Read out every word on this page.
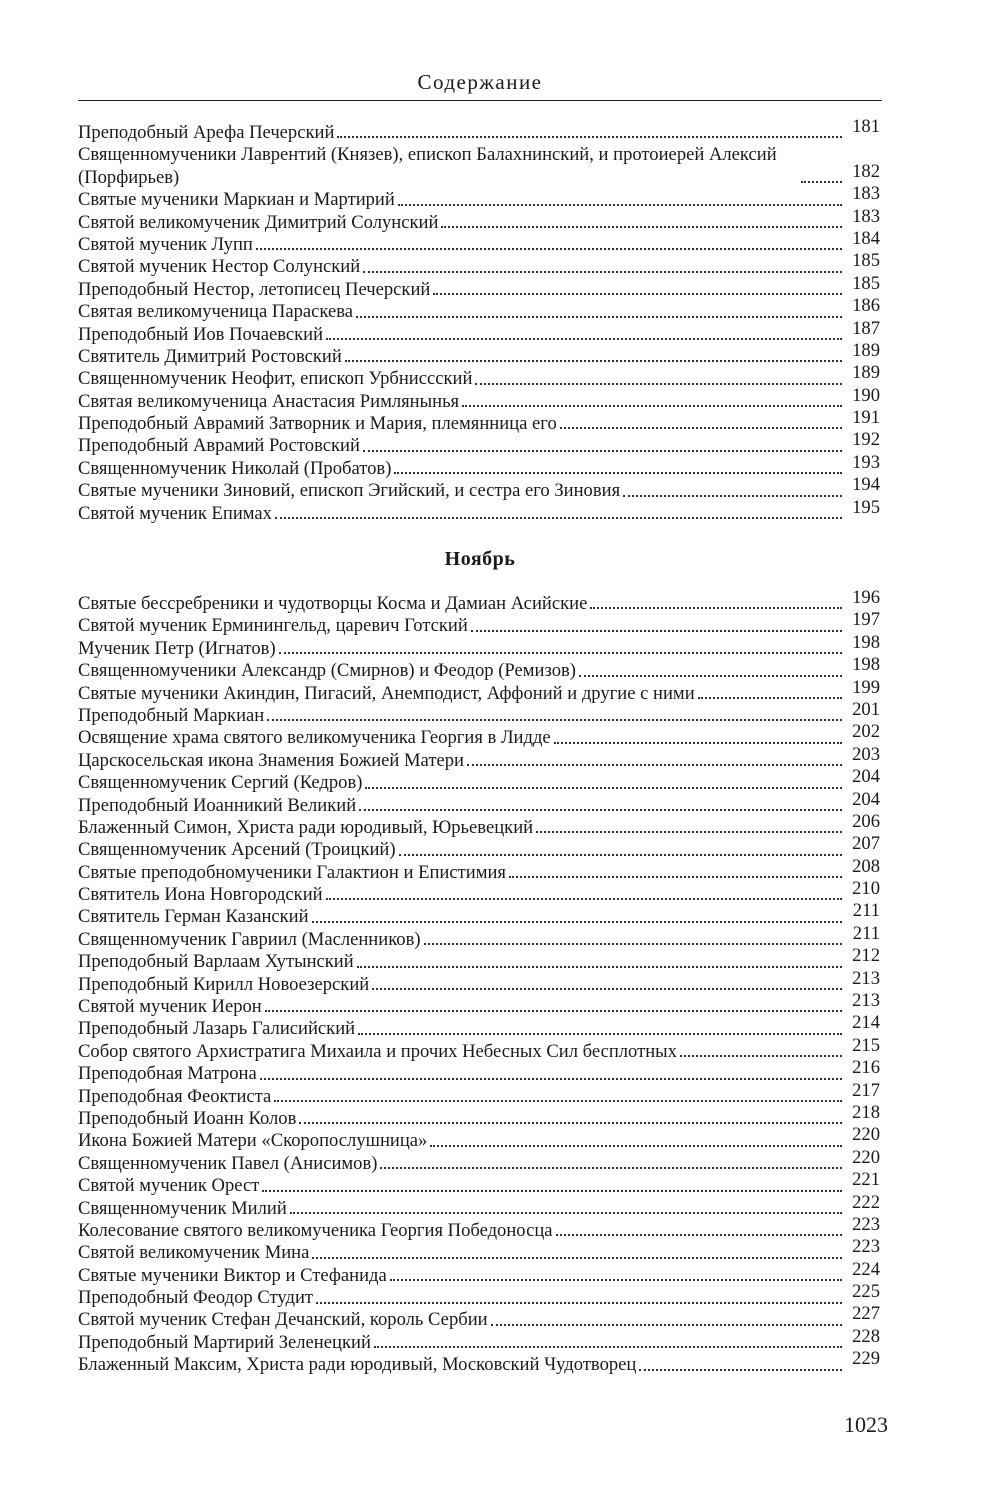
Содержание
Преподобный Арефа Печерский	181
Священномученики Лаврентий (Князев), епископ Балахнинский, и протоиерей Алексий (Порфирьев)	182
Святые мученики Маркиан и Мартирий	183
Святой великомученик Димитрий Солунский	183
Святой мученик Лупп	184
Святой мученик Нестор Солунский	185
Преподобный Нестор, летописец Печерский	185
Святая великомученица Параскева	186
Преподобный Иов Почаевский	187
Святитель Димитрий Ростовский	189
Священномученик Неофит, епископ Урбниссский	189
Святая великомученица Анастасия Римлянынья	190
Преподобный Аврамий Затворник и Мария, племянница его	191
Преподобный Аврамий Ростовский	192
Священномученик Николай (Пробатов)	193
Святые мученики Зиновий, епископ Эгийский, и сестра его Зиновия	194
Святой мученик Епимах	195
Ноябрь
Святые бессребреники и чудотворцы Косма и Дамиан Асийские	196
Святой мученик Ерминингельд, царевич Готский	197
Мученик Петр (Игнатов)	198
Священномученики Александр (Смирнов) и Феодор (Ремизов)	198
Святые мученики Акиндин, Пигасий, Анемподист, Аффоний и другие с ними	199
Преподобный Маркиан	201
Освящение храма святого великомученика Георгия в Лидде	202
Царскосельская икона Знамения Божией Матери	203
Священномученик Сергий (Кедров)	204
Преподобный Иоанникий Великий	204
Блаженный Симон, Христа ради юродивый, Юрьевецкий	206
Священномученик Арсений (Троицкий)	207
Святые преподобномученики Галактион и Епистимия	208
Святитель Иона Новгородский	210
Святитель Герман Казанский	211
Священномученик Гавриил (Масленников)	211
Преподобный Варлаам Хутынский	212
Преподобный Кирилл Новоезерский	213
Святой мученик Иерон	213
Преподобный Лазарь Галисийский	214
Собор святого Архистратига Михаила и прочих Небесных Сил бесплотных	215
Преподобная Матрона	216
Преподобная Феоктиста	217
Преподобный Иоанн Колов	218
Икона Божией Матери «Скоропослушница»	220
Священномученик Павел (Анисимов)	220
Святой мученик Орест	221
Священномученик Милий	222
Колесование святого великомученика Георгия Победоносца	223
Святой великомученик Мина	223
Святые мученики Виктор и Стефанида	224
Преподобный Феодор Студит	225
Святой мученик Стефан Дечанский, король Сербии	227
Преподобный Мартирий Зеленецкий	228
Блаженный Максим, Христа ради юродивый, Московский Чудотворец	229
1023
